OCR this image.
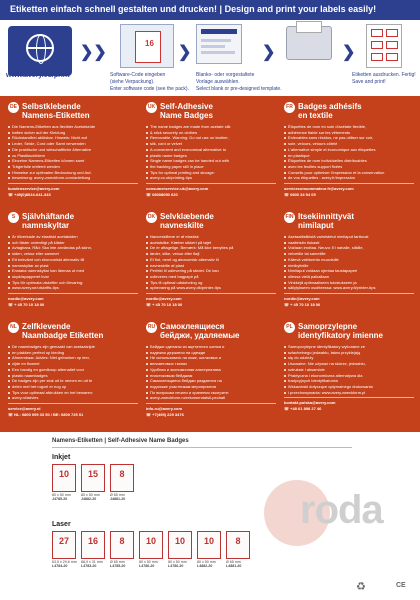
Etiketten einfach schnell gestalten und drucken! | Design and print your labels easily!
www.avery.eu/print
❯❯
16
❯	❯	❯
Software-Code eingeben
(siehe Verpackung).
Enter software code (see the pack).
Blanko- oder vorgestaltete
Vorlage auswählen.
Select blank or pre-designed template.
Etiketten ausdrucken. Fertig!
Save and print!
DE Selbstklebende
Namens-Etiketten
Die Namens-Etiketten aus flexibler Acetatseide
haften sicher auf der Kleidung
Rückstandfrei ablösbar. Hinweis: Nicht auf
Leder, Seide, Cord oder Samt verwenden
Die praktische und wirtschaftliche Alternative
zu Plastikschildern
Einzelne Namens-Etiketten können samt
Trägerfolie entfernt werden
Hinweise zur optimalen Bedruckung und Auf-
bewahrung: avery-zweckform.com/anleitung
kundenservice@avery.com
☏ +49(0)8024-641-343
UK Self-Adhesive
Name Badges
The name badges are made from acetate silk
& stick securely on clothes
Removable. Warning: Do not use on leather,
silk, cord or velvet
A convenient and economical alternative to
plastic name badges
Single name badges can be handed out with
the backing paper still in place
Tips for optimal printing and storage:
avery.co.uk/printing-tips
consumerservice-uk@avery.com
☏ 08008050 020
FR Badges adhésifs
en textile
Étiquettes de nom en soie d'acétate flexible,
adhérence fiable sur les vêtements
Enlevables sans résidus, ne pas utiliser sur cuir,
soie, velours, velours côtelé
L'alternative simple et économique aux étiquettes
en plastique
Étiquettes de nom individuelles distribuables
avec les feuilles support fixées
Conseils pour optimiser l'impression et la conservation
de vos étiquettes : avery.fr/impression
serviceconsommateur.fr@avery.com
☏ 0800 34 54 05
S Självhäftande
namnskyltar
Är tillverkade av elastiskt acetatsiden
och fäster ordentligt på kläder
Avtagbara. Råd: Ska inte användas på skinn,
siden, velour eller sammet
Ett bekvämt och ekonomiskt alternativ till
namnskyltar av plast
Enstaka namnskyltar kan lämnas ut med
skyddspapperet kvar
Tips för optimala utskrifter och förvaring:
www.avery.se/utskrifts-tips
nordic@avery.com
☏ + 45 70 10 18 00
DK Selvklæbende
navneskilte
Navneskiltene er af elastisk
acetatsilke. Klæber sikkert på tøjet
De er aftagelige. Bemærk: Må ikke benyttes på
læder, silke, velour eller fløjl
Et flot, nemt og økonomisk alternativ til
navneskilte af plast
Perfekt til udlevering på stedet. De kan
udleveres med bagpapir på
Tips til optimal udskrivning og
opbevaring på www.avery.dk/printer-tips
nordic@avery.com
☏ + 45 70 10 18 00
FIN Itsekiinnittyvät
nimilaput
Asetaattisilkistä valmistetut nimilaput tarttuvat
vaatteisiin tiukasti
Voidaan irrottaa. Neuvo: Ei nahalle, silkille,
velvetille tai sametille
Kätevä vaihtoehto muovisille
nimikylteille
Nimilaput voidaan ojentaa taustapaperi
ollessa vielä paikallaan
Vinkkejä optimaaliseen tulostukseen ja
säilytykseen osoitteessa: www.avery.fi/printer-tips
nordic@avery.com
☏ + 45 70 10 18 00
NL Zelfklevende
Naambadge Etiketten
De naambadges zijn gemaakt van acetaatzijde
en plakken perfect op kleding
Afneembaar. Advies: Niet gebruiken op leer,
zijde en fluweel
Een handig en goedkoop alternatief voor
plastic naambadges
De badges zijn per stuk uit te nemen en uit te
delen met het rugvel er nog op
Tips voor optimaal afdrukken en het bewaren:
avery.nl/advies
service@avery.nl
☏ NL: 0800 099 33 50 / BE: 0800 725 01
RU Самоклеящиеся
бейджи, удаляемые
Бейджи сделаны из ацетатного шелка и
надежно держатся на одежде
Не использовать на коже, шелковых и
вельветовых тканях
Удобная и экономичная альтернатива
пластиковым бейджам
Самоклеящиеся бейджи раздаются на
подложке участникам мероприятия
По вопросам печати и хранения смотрите:
avery-zweckform.ru/rekomendatsii-pechati
info-ru@avery.com
☏ +7(495) 229 3476
PL Samoprzylepne
identyfikatory imienne
Samoprzylepne identyfikatory wykonane ze
szlachetnego jedwabiu, łatwo przyklejają
się do odzieży
Usuwalne. Nie używać na skórze, jedwabiu,
sztruksie i aksamicie
Praktyczna i ekonomiczna alternatywa dla
tradycyjnych identyfikatorów
Wskazówki dotyczące optymalnego drukowania
i przechowywania: www.avery.zweckform.pl
kontakt.polska@avery.com
☏ +48 61 898 27 46
roda
Namens-Etiketten | Self-Adhesive Name Badges
Inkjet
Laser
10
80 x 50 mm
J4785-20
15
80 x 50 mm
J4882-20
8
Ø 65 mm
J4881-20
27
63,5 x 29,6 mm
L4784-20
16
88,9 x 31 mm
L4783-20
8
Ø 65 mm
L4785-20
10
80 x 50 mm
L4786-20
10
80 x 50 mm
L4786-20
10
80 x 50 mm
L4882-20
8
Ø 65 mm
L4881-20
♻	CE
